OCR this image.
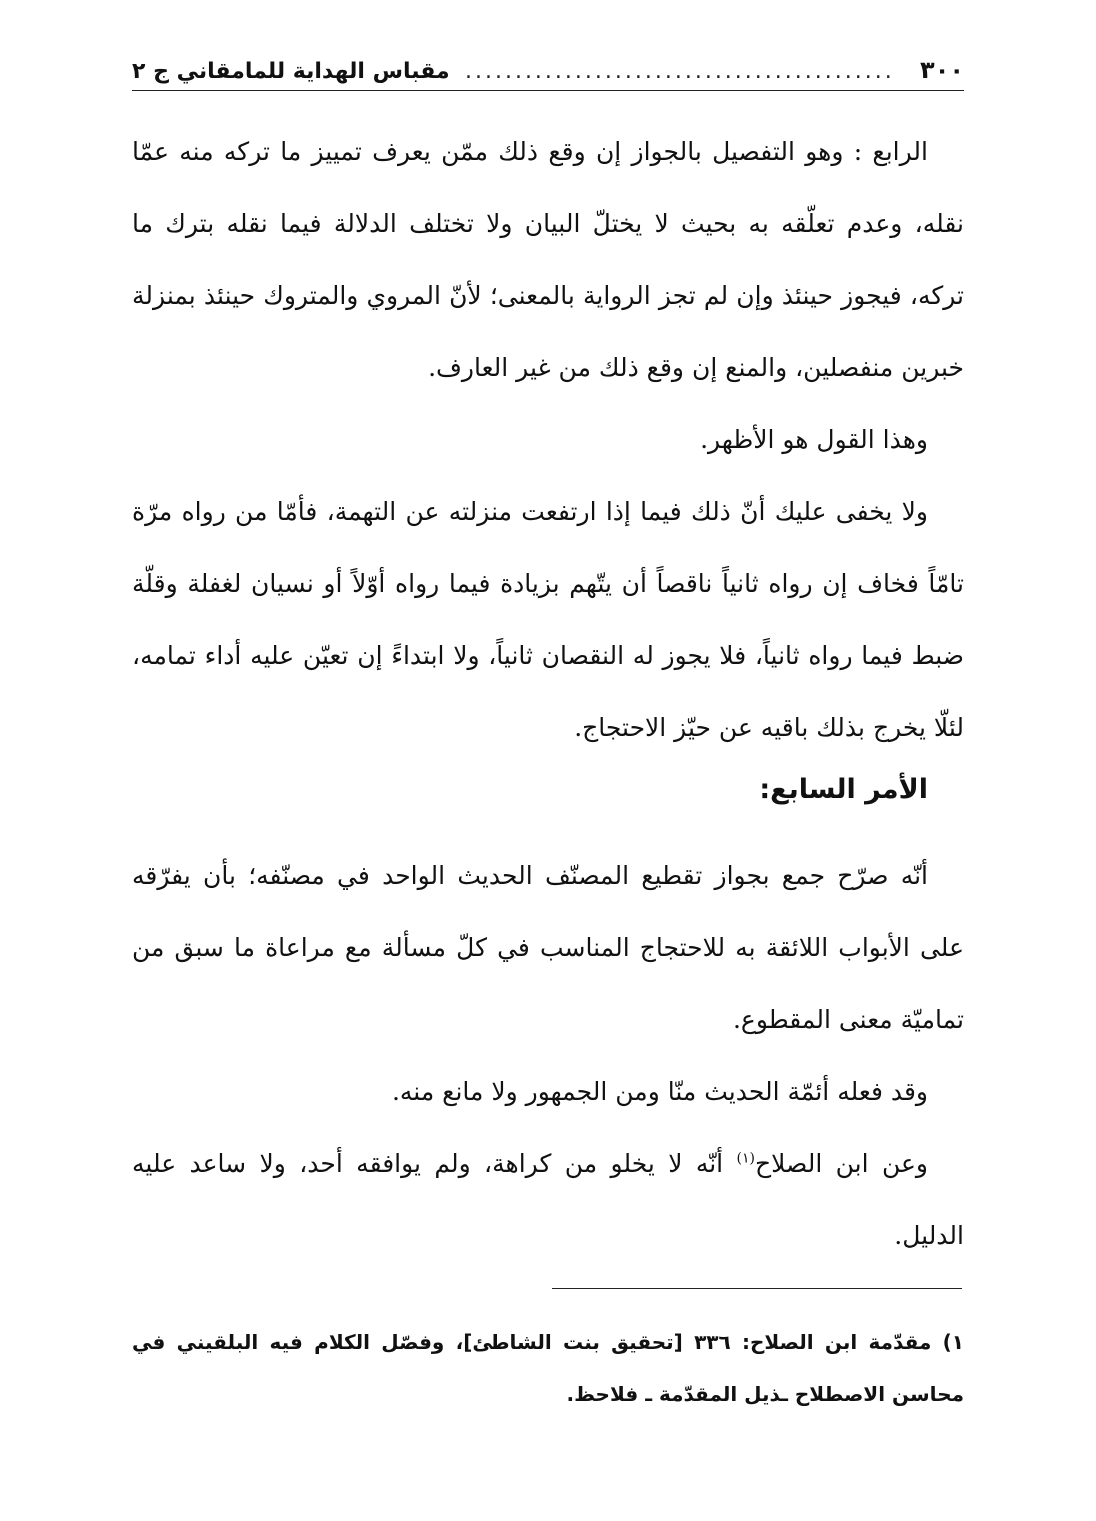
٣٠٠
...........................................
مقباس الهداية للمامقاني ج ٢

الرابع : وهو التفصيل بالجواز إن وقع ذلك ممّن يعرف تمييز ما تركه منه عمّا نقله، وعدم تعلّقه به بحيث لا يختلّ البيان ولا تختلف الدلالة فيما نقله بترك ما تركه، فيجوز حينئذ وإن لم تجز الرواية بالمعنى؛ لأنّ المروي والمتروك حينئذ بمنزلة خبرين منفصلين، والمنع إن وقع ذلك من غير العارف.

وهذا القول هو الأظهر.

ولا يخفى عليك أنّ ذلك فيما إذا ارتفعت منزلته عن التهمة، فأمّا من رواه مرّة تامّاً فخاف إن رواه ثانياً ناقصاً أن يتّهم بزيادة فيما رواه أوّلاً أو نسيان لغفلة وقلّة ضبط فيما رواه ثانياً، فلا يجوز له النقصان ثانياً، ولا ابتداءً إن تعيّن عليه أداء تمامه، لئلّا يخرج بذلك باقيه عن حيّز الاحتجاج.

الأمر السابع:

أنّه صرّح جمع بجواز تقطيع المصنّف الحديث الواحد في مصنّفه؛ بأن يفرّقه على الأبواب اللائقة به للاحتجاج المناسب في كلّ مسألة مع مراعاة ما سبق من تماميّة معنى المقطوع.

وقد فعله أئمّة الحديث منّا ومن الجمهور ولا مانع منه.

وعن ابن الصلاح$^{(١)}$ أنّه لا يخلو من كراهة، ولم يوافقه أحد، ولا ساعد عليه الدليل.

١) مقدّمة ابن الصلاح: ٣٣٦ [تحقيق بنت الشاطئ]، وفصّل الكلام فيه البلقيني في محاسن الاصطلاح ـذيل المقدّمة ـ فلاحظ.
